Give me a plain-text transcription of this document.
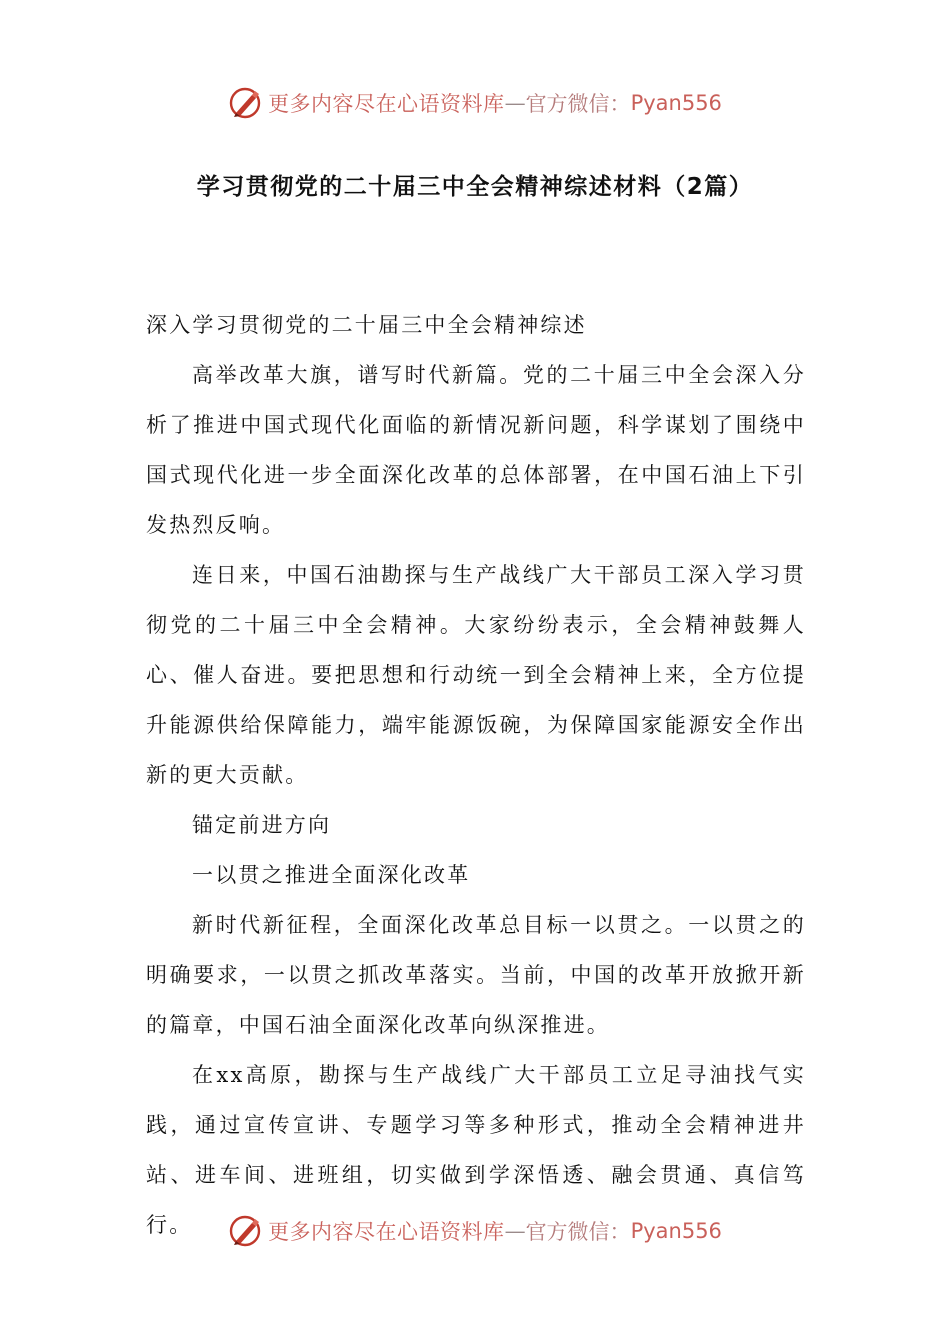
更多内容尽在心语资料库 — 官方微信： Pyan556
学习贯彻党的二十届三中全会精神综述材料（2篇）

深入学习贯彻党的二十届三中全会精神综述

高举改革大旗，谱写时代新篇。党的二十届三中全会深入分析了推进中国式现代化面临的新情况新问题，科学谋划了围绕中国式现代化进一步全面深化改革的总体部署，在中国石油上下引发热烈反响。

连日来，中国石油勘探与生产战线广大干部员工深入学习贯彻党的二十届三中全会精神。大家纷纷表示，全会精神鼓舞人心、催人奋进。要把思想和行动统一到全会精神上来，全方位提升能源供给保障能力，端牢能源饭碗，为保障国家能源安全作出新的更大贡献。

锚定前进方向

一以贯之推进全面深化改革

新时代新征程，全面深化改革总目标一以贯之。一以贯之的明确要求，一以贯之抓改革落实。当前，中国的改革开放掀开新的篇章，中国石油全面深化改革向纵深推进。

在xx高原，勘探与生产战线广大干部员工立足寻油找气实践，通过宣传宣讲、专题学习等多种形式，推动全会精神进井站、进车间、进班组，切实做到学深悟透、融会贯通、真信笃行。	更多内容尽在心语资料库 — 官方微信： Pyan556
